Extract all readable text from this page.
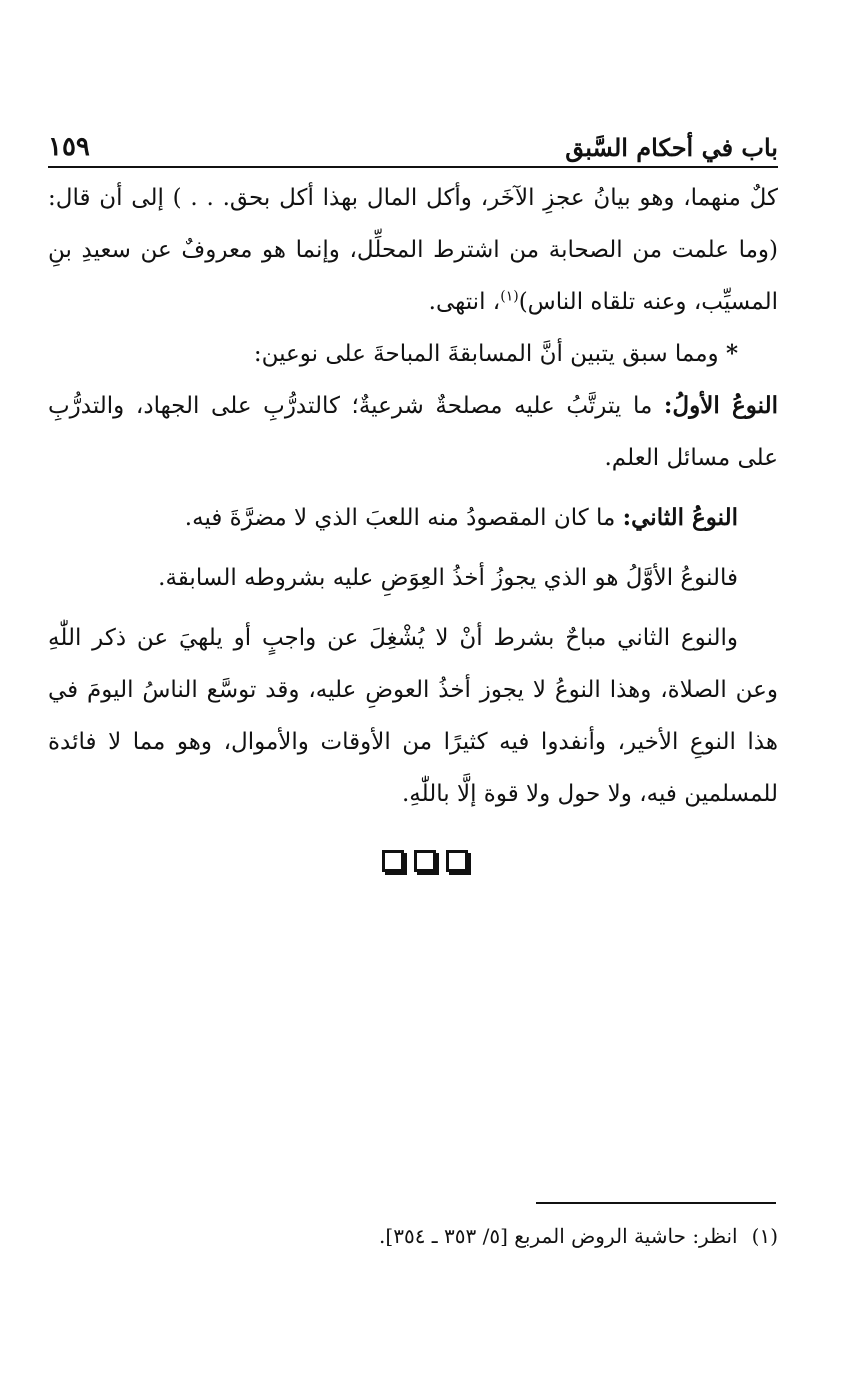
باب في أحكام السَّبق
١٥٩

كلٌ منهما، وهو بيانُ عجزِ الآخَر، وأكل المال بهذا أكل بحق. . . ) إلى أن قال: (وما علمت من الصحابة من اشترط المحلِّل، وإنما هو معروفٌ عن سعيدِ بنِ المسيِّب، وعنه تلقاه الناس)$^{(١)}$، انتهى.

* ومما سبق يتبين أنَّ المسابقةَ المباحةَ على نوعين:

النوعُ الأولُ: ما يترتَّبُ عليه مصلحةٌ شرعيةٌ؛ كالتدرُّبِ على الجهاد، والتدرُّبِ على مسائل العلم.

النوعُ الثاني: ما كان المقصودُ منه اللعبَ الذي لا مضرَّةَ فيه.

فالنوعُ الأوَّلُ هو الذي يجوزُ أخذُ العِوَضِ عليه بشروطه السابقة.

والنوع الثاني مباحٌ بشرط أنْ لا يُشْغِلَ عن واجبٍ أو يلهيَ عن ذكر اللّٰهِ وعن الصلاة، وهذا النوعُ لا يجوز أخذُ العوضِ عليه، وقد توسَّع الناسُ اليومَ في هذا النوعِ الأخير، وأنفدوا فيه كثيرًا من الأوقات والأموال، وهو مما لا فائدة للمسلمين فيه، ولا حول ولا قوة إلَّا باللّٰهِ.

(١)انظر: حاشية الروض المربع [٥/ ٣٥٣ ـ ٣٥٤].
